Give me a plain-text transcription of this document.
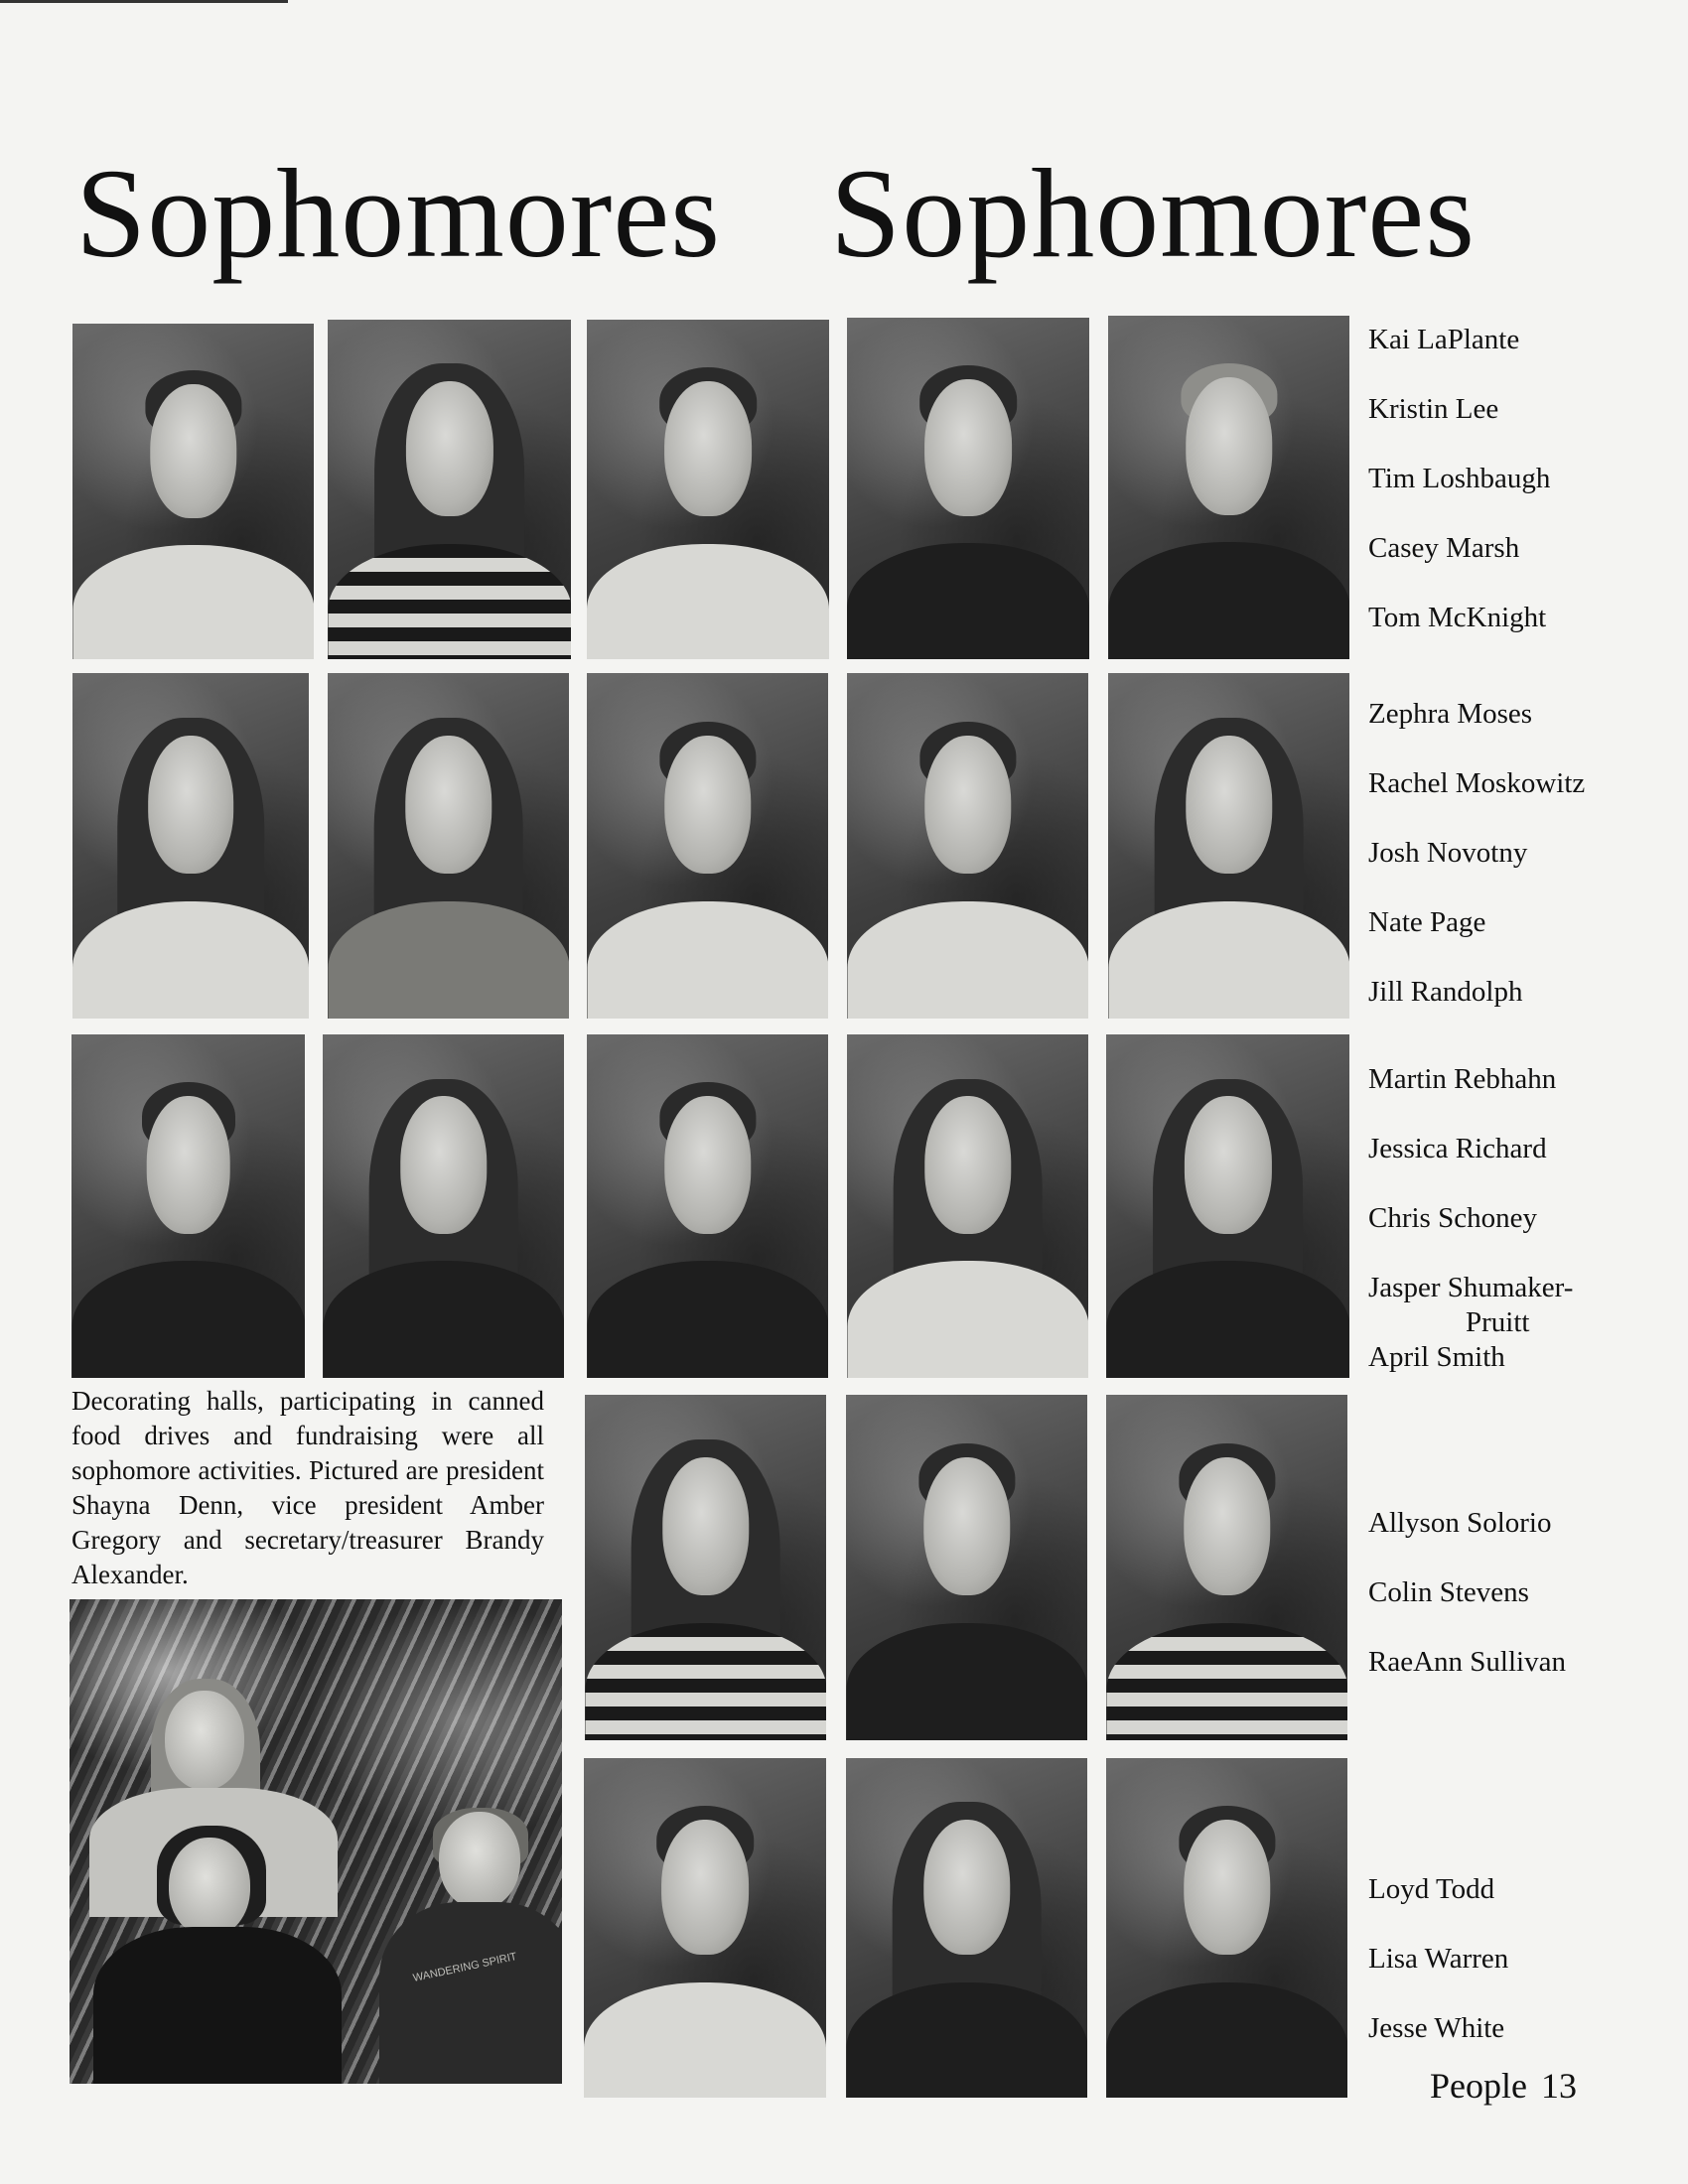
Sophomores Sophomores
Kai LaPlante
Kristin Lee
Tim Loshbaugh
Casey Marsh
Tom McKnight
Zephra Moses
Rachel Moskowitz
Josh Novotny
Nate Page
Jill Randolph
Martin Rebhahn
Jessica Richard
Chris Schoney
Jasper Shumaker-
Pruitt
April Smith
Allyson Solorio
Colin Stevens
RaeAnn Sullivan
Loyd Todd
Lisa Warren
Jesse White
Decorating halls, participating in canned food drives and fundraising were all sophomore activities. Pictured are president Shayna Denn, vice president Amber Gregory and secretary/treasurer Brandy Alexander.
WANDERING SPIRIT
People 13
